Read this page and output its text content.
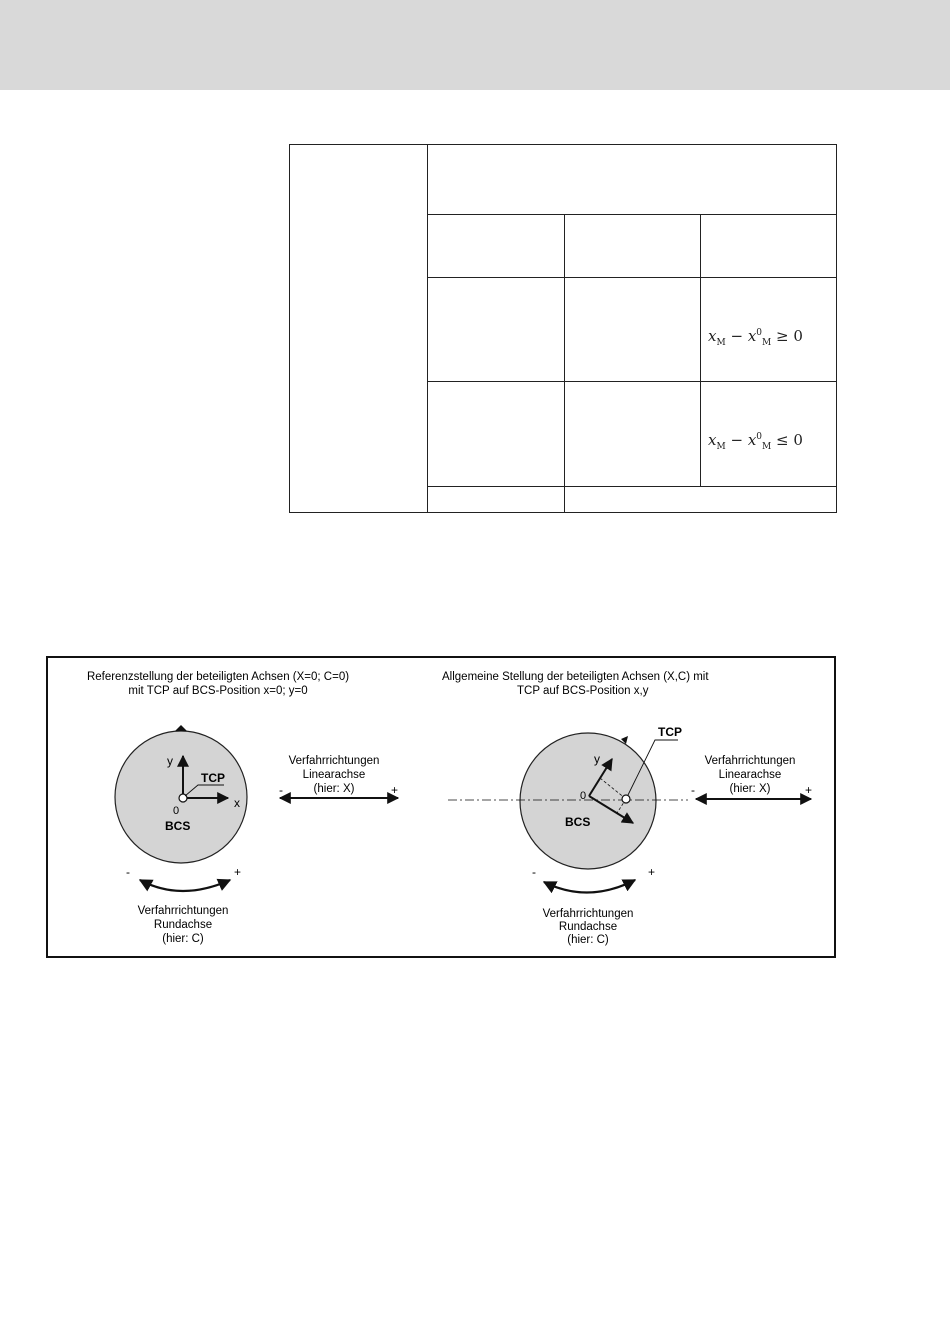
$x_M - x^0_M \ge 0$
$x_M - x^0_M \le 0$
Referenzstellung der beteiligten Achsen (X=0; C=0)
mit TCP auf BCS-Position x=0; y=0
y
x
0
TCP
BCS
Verfahrrichtungen
Linearachse
(hier: X)
-	+
-	+
Verfahrrichtungen
Rundachse
(hier: C)
Allgemeine Stellung der beteiligten Achsen (X,C) mit
TCP auf BCS-Position x,y
y
0
TCP
BCS
Verfahrrichtungen
Linearachse
(hier: X)
-	+
-	+
Verfahrrichtungen
Rundachse
(hier: C)
